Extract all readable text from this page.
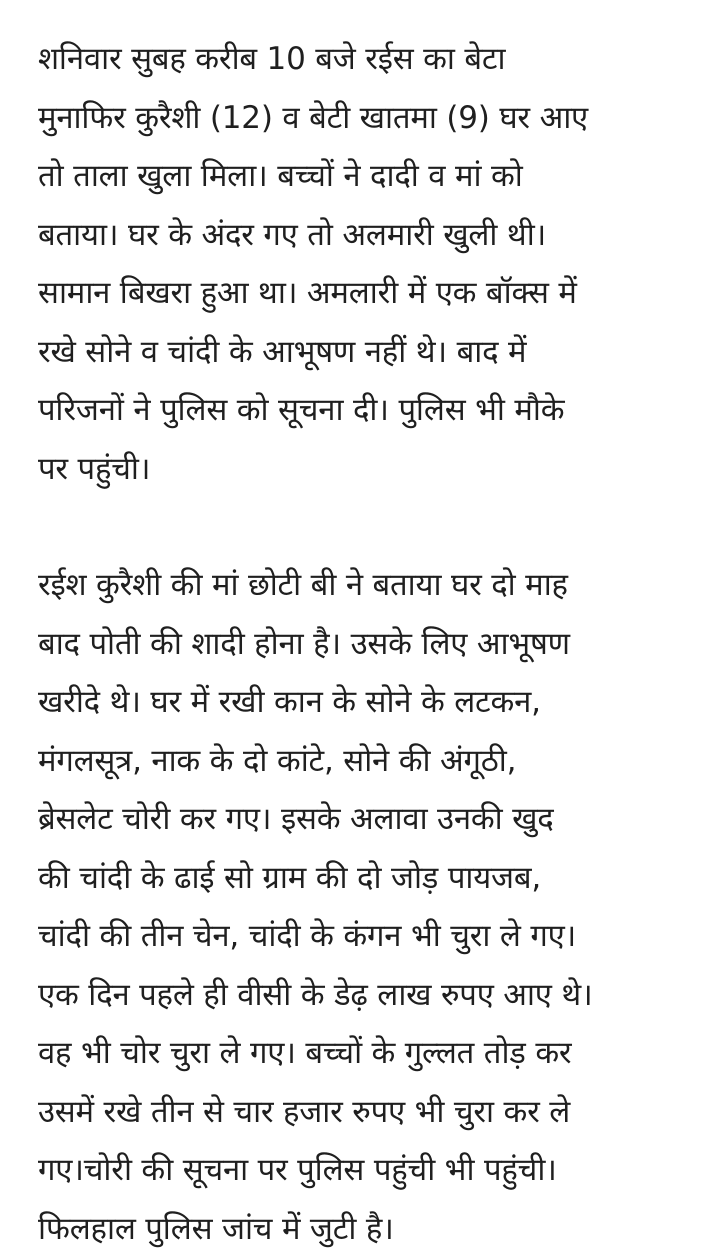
शनिवार सुबह करीब 10 बजे रईस का बेटा
मुनाफिर कुरैशी (12) व बेटी खातमा (9) घर आए
तो ताला खुला मिला। बच्चों ने दादी व मां को
बताया। घर के अंदर गए तो अलमारी खुली थी।
सामान बिखरा हुआ था। अमलारी में एक बॉक्स में
रखे सोने व चांदी के आभूषण नहीं थे। बाद में
परिजनों ने पुलिस को सूचना दी। पुलिस भी मौके
पर पहुंची।

रईश कुरैशी की मां छोटी बी ने बताया घर दो माह
बाद पोती की शादी होना है। उसके लिए आभूषण
खरीदे थे। घर में रखी कान के सोने के लटकन,
मंगलसूत्र, नाक के दो कांटे, सोने की अंगूठी,
ब्रेसलेट चोरी कर गए। इसके अलावा उनकी खुद
की चांदी के ढाई सो ग्राम की दो जोड़ पायजब,
चांदी की तीन चेन, चांदी के कंगन भी चुरा ले गए।
एक दिन पहले ही वीसी के डेढ़ लाख रुपए आए थे।
वह भी चोर चुरा ले गए। बच्चों के गुल्लत तोड़ कर
उसमें रखे तीन से चार हजार रुपए भी चुरा कर ले
गए।चोरी की सूचना पर पुलिस पहुंची भी पहुंची।
फिलहाल पुलिस जांच में जुटी है।
